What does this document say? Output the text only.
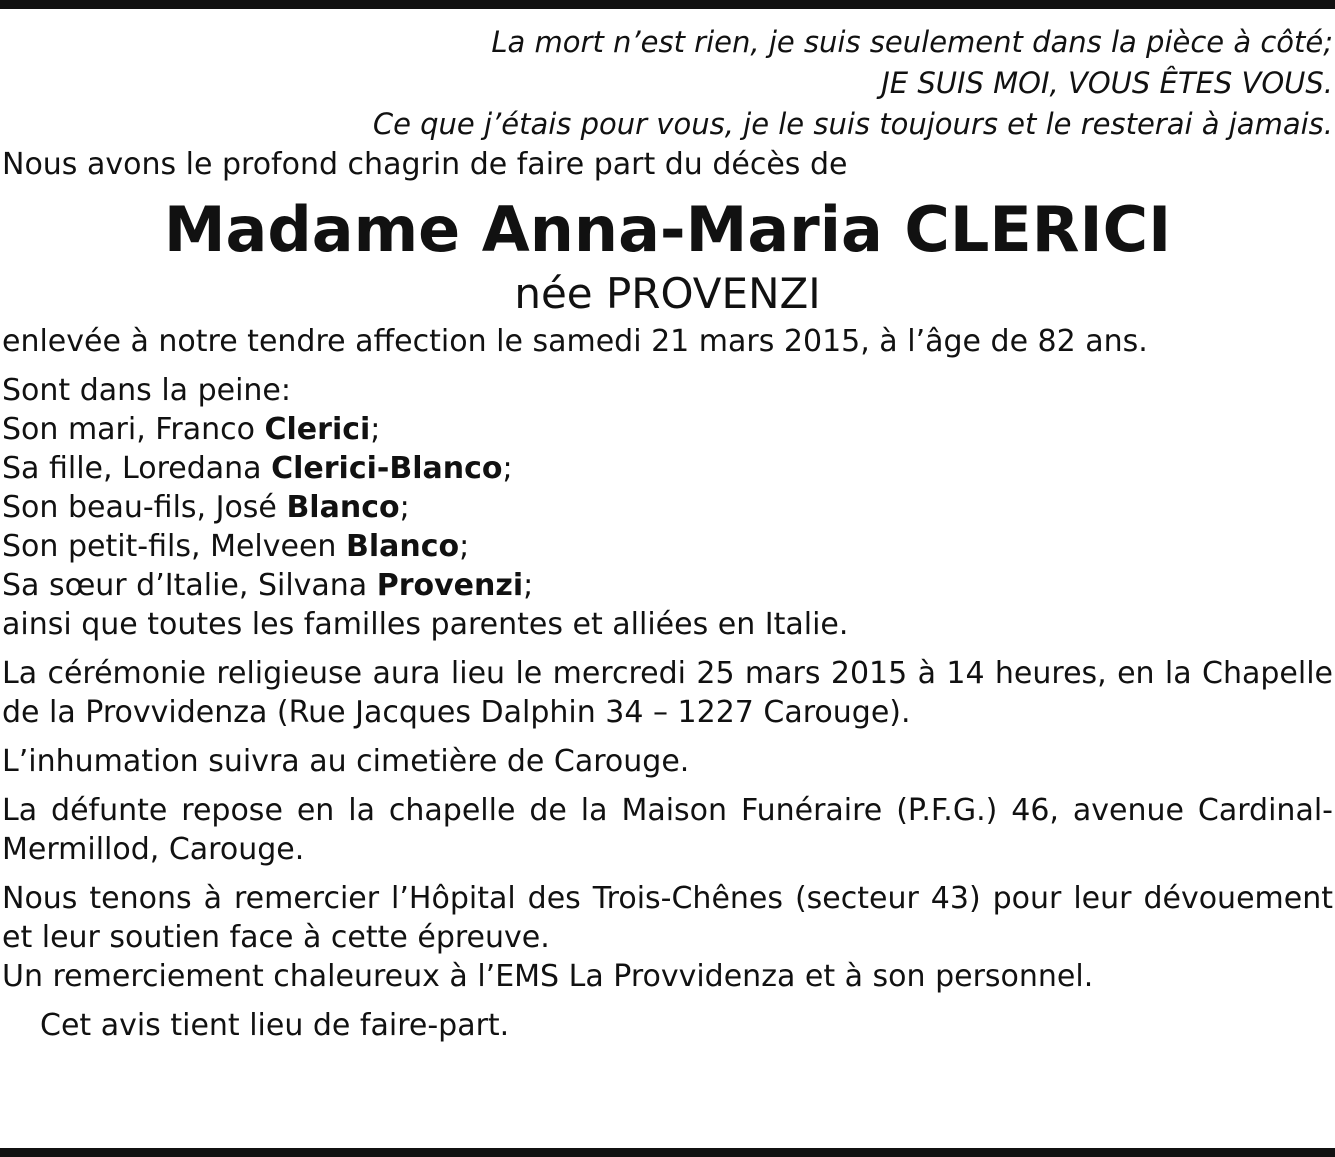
La mort n’est rien, je suis seulement dans la pièce à côté;
JE SUIS MOI, VOUS ÊTES VOUS.
Ce que j’étais pour vous, je le suis toujours et le resterai à jamais.
Nous avons le profond chagrin de faire part du décès de
Madame Anna-Maria CLERICI
née PROVENZI
enlevée à notre tendre affection le samedi 21 mars 2015, à l’âge de 82 ans.
Sont dans la peine:
Son mari, Franco Clerici;
Sa fille, Loredana Clerici-Blanco;
Son beau-fils, José Blanco;
Son petit-fils, Melveen Blanco;
Sa sœur d’Italie, Silvana Provenzi;
ainsi que toutes les familles parentes et alliées en Italie.
La cérémonie religieuse aura lieu le mercredi 25 mars 2015 à 14 heures, en la Chapelle
de la Provvidenza (Rue Jacques Dalphin 34 – 1227 Carouge).
L’inhumation suivra au cimetière de Carouge.
La défunte repose en la chapelle de la Maison Funéraire (P.F.G.) 46, avenue Cardinal-
Mermillod, Carouge.
Nous tenons à remercier l’Hôpital des Trois-Chênes (secteur 43) pour leur dévouement
et leur soutien face à cette épreuve.
Un remerciement chaleureux à l’EMS La Provvidenza et à son personnel.
Cet avis tient lieu de faire-part.
